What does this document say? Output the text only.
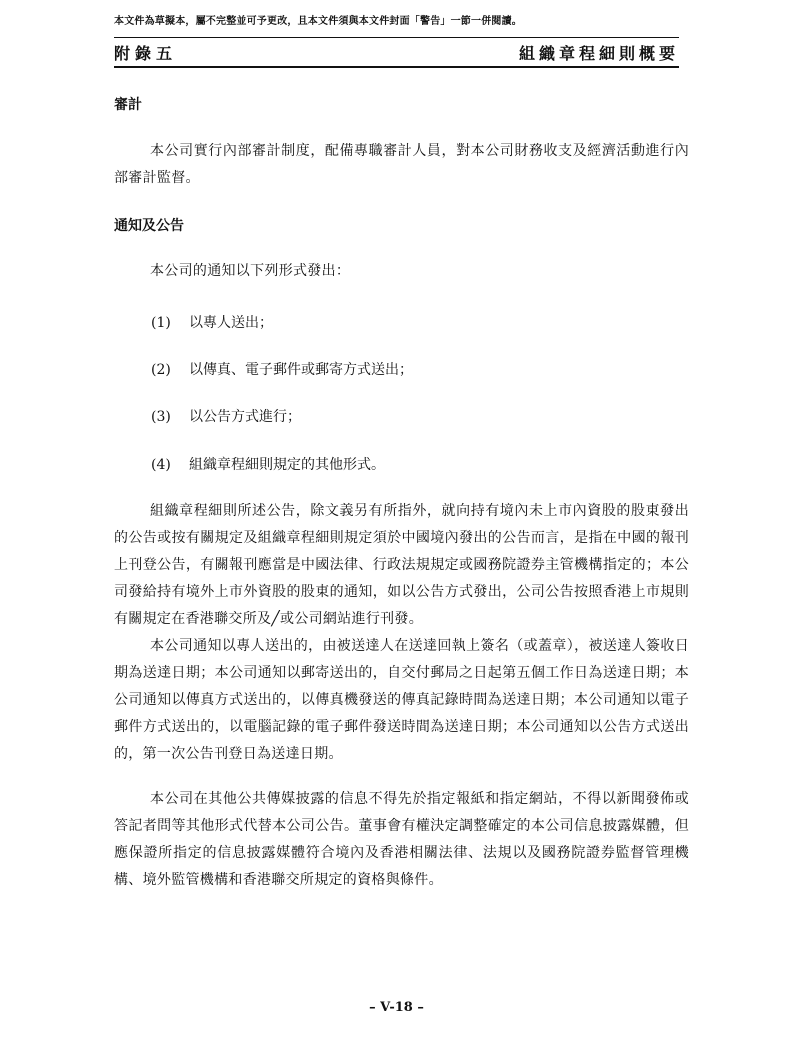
本文件為草擬本，屬不完整並可予更改，且本文件須與本文件封面「警告」一節一併閱讀。
附錄五	組織章程細則概要
審計
本公司實行內部審計制度，配備專職審計人員，對本公司財務收支及經濟活動進行內部審計監督。
通知及公告
本公司的通知以下列形式發出：
(1) 以專人送出；
(2) 以傳真、電子郵件或郵寄方式送出；
(3) 以公告方式進行；
(4) 組織章程細則規定的其他形式。
組織章程細則所述公告，除文義另有所指外，就向持有境內未上市內資股的股東發出的公告或按有關規定及組織章程細則規定須於中國境內發出的公告而言，是指在中國的報刊上刊登公告，有關報刊應當是中國法律、行政法規規定或國務院證券主管機構指定的；本公司發給持有境外上市外資股的股東的通知，如以公告方式發出，公司公告按照香港上市規則有關規定在香港聯交所及╱或公司網站進行刊發。
本公司通知以專人送出的，由被送達人在送達回執上簽名（或蓋章），被送達人簽收日期為送達日期；本公司通知以郵寄送出的，自交付郵局之日起第五個工作日為送達日期；本公司通知以傳真方式送出的，以傳真機發送的傳真記錄時間為送達日期；本公司通知以電子郵件方式送出的，以電腦記錄的電子郵件發送時間為送達日期；本公司通知以公告方式送出的，第一次公告刊登日為送達日期。
本公司在其他公共傳媒披露的信息不得先於指定報紙和指定網站，不得以新聞發佈或答記者問等其他形式代替本公司公告。董事會有權決定調整確定的本公司信息披露媒體，但應保證所指定的信息披露媒體符合境內及香港相關法律、法規以及國務院證券監督管理機構、境外監管機構和香港聯交所規定的資格與條件。
– V-18 –
